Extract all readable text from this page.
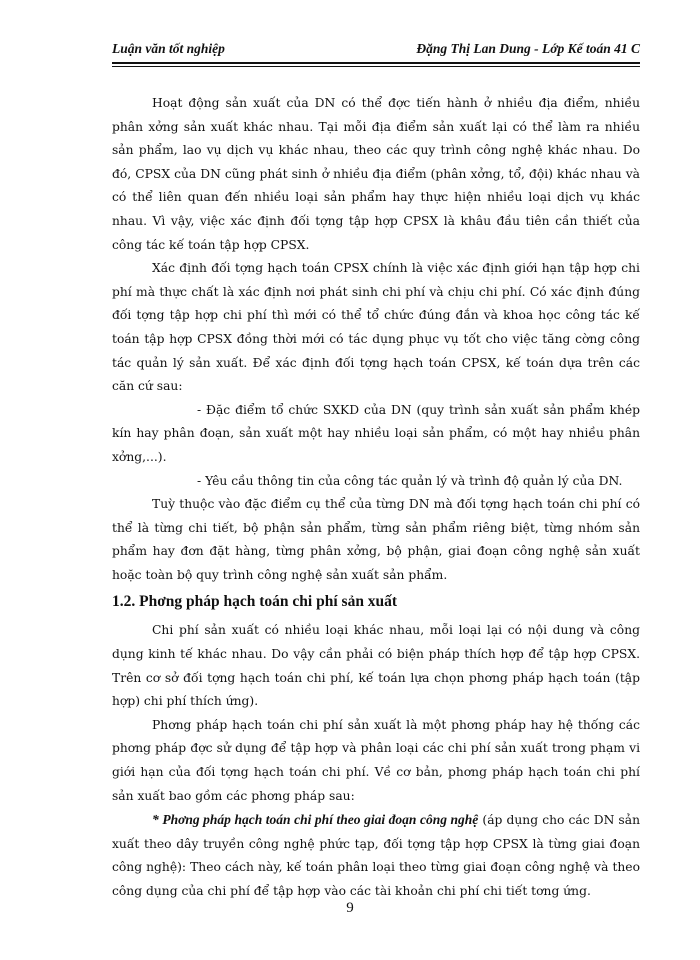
Luận văn tốt nghiệp	Đặng Thị Lan Dung - Lớp Kế toán 41 C

Hoạt động sản xuất của DN có thể đợc tiến hành ở nhiều địa điểm, nhiều phân xởng sản xuất khác nhau. Tại mỗi địa điểm sản xuất lại có thể làm ra nhiều sản phẩm, lao vụ dịch vụ khác nhau, theo các quy trình công nghệ khác nhau. Do đó, CPSX của DN cũng phát sinh ở nhiều địa điểm (phân xởng, tổ, đội) khác nhau và có thể liên quan đến nhiều loại sản phẩm hay thực hiện nhiều loại dịch vụ khác nhau. Vì vậy, việc xác định đối tợng tập hợp CPSX là khâu đầu tiên cần thiết của công tác kế toán tập hợp CPSX.

Xác định đối tợng hạch toán CPSX chính là việc xác định giới hạn tập hợp chi phí mà thực chất là xác định nơi phát sinh chi phí và chịu chi phí. Có xác định đúng đối tợng tập hợp chi phí thì mới có thể tổ chức đúng đắn và khoa học công tác kế toán tập hợp CPSX đồng thời mới có tác dụng phục vụ tốt cho việc tăng cờng công tác quản lý sản xuất. Để xác định đối tợng hạch toán CPSX, kế toán dựa trên các căn cứ sau:

- Đặc điểm tổ chức SXKD của DN (quy trình sản xuất sản phẩm khép kín hay phân đoạn, sản xuất một hay nhiều loại sản phẩm, có một hay nhiều phân xởng,...).

- Yêu cầu thông tin của công tác quản lý và trình độ quản lý của DN.

Tuỳ thuộc vào đặc điểm cụ thể của từng DN mà đối tợng hạch toán chi phí có thể là từng chi tiết, bộ phận sản phẩm, từng sản phẩm riêng biệt, từng nhóm sản phẩm hay đơn đặt hàng, từng phân xởng, bộ phận, giai đoạn công nghệ sản xuất hoặc toàn bộ quy trình công nghệ sản xuất sản phẩm.

1.2. Phơng pháp hạch toán chi phí sản xuất

Chi phí sản xuất có nhiều loại khác nhau, mỗi loại lại có nội dung và công dụng kinh tế khác nhau. Do vậy cần phải có biện pháp thích hợp để tập hợp CPSX. Trên cơ sở đối tợng hạch toán chi phí, kế toán lựa chọn phơng pháp hạch toán (tập hợp) chi phí thích ứng).

Phơng pháp hạch toán chi phí sản xuất là một phơng pháp hay hệ thống các phơng pháp đợc sử dụng để tập hợp và phân loại các chi phí sản xuất trong phạm vi giới hạn của đối tợng hạch toán chi phí. Về cơ bản, phơng pháp hạch toán chi phí sản xuất bao gồm các phơng pháp sau:

* Phơng pháp hạch toán chi phí theo giai đoạn công nghệ (áp dụng cho các DN sản xuất theo dây truyền công nghệ phức tạp, đối tợng tập hợp CPSX là từng giai đoạn công nghệ): Theo cách này, kế toán phân loại theo từng giai đoạn công nghệ và theo công dụng của chi phí để tập hợp vào các tài khoản chi phí chi tiết tơng ứng.

9
